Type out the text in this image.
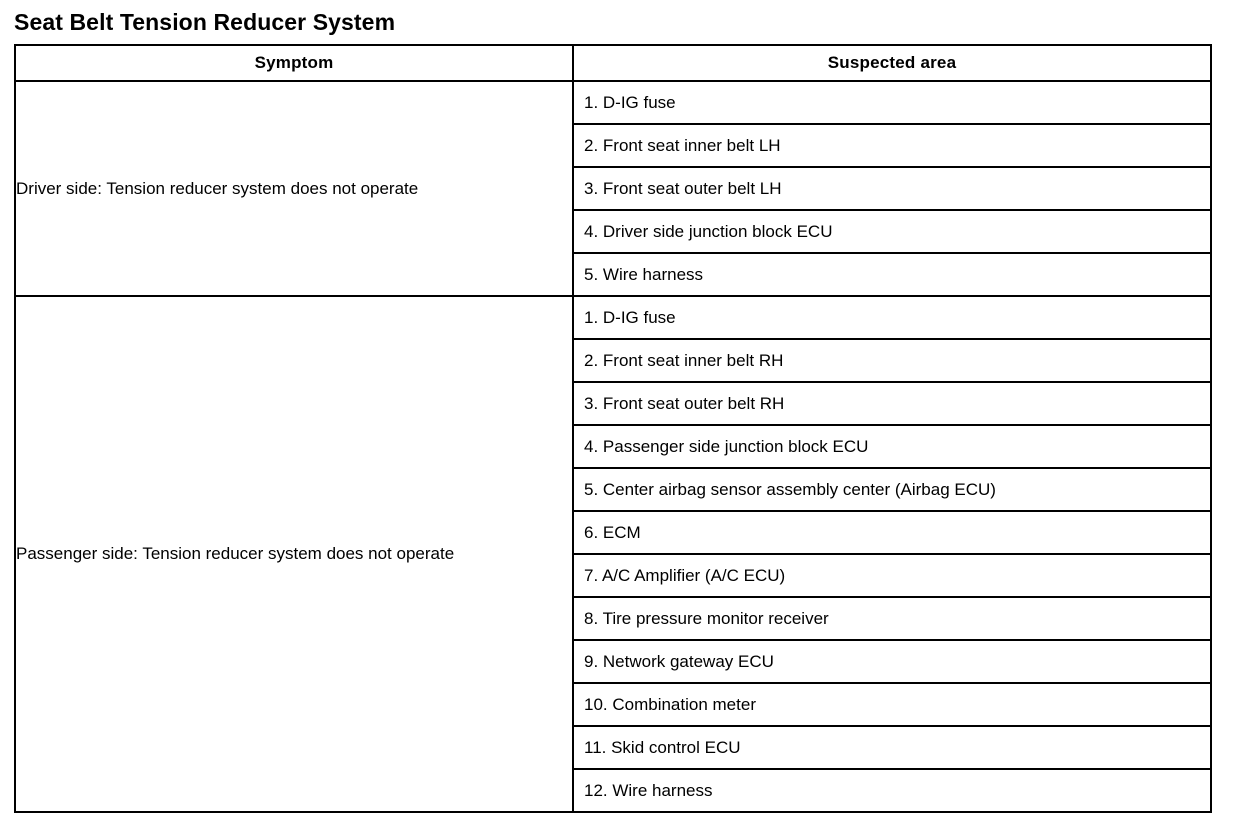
Seat Belt Tension Reducer System
Symptom	Suspected area
Driver side: Tension reducer system does not operate	
1. D-IG fuse
2. Front seat inner belt LH
3. Front seat outer belt LH
4. Driver side junction block ECU
5. Wire harness

Passenger side: Tension reducer system does not operate	
1. D-IG fuse
2. Front seat inner belt RH
3. Front seat outer belt RH
4. Passenger side junction block ECU
5. Center airbag sensor assembly center (Airbag ECU)
6. ECM
7. A/C Amplifier (A/C ECU)
8. Tire pressure monitor receiver
9. Network gateway ECU
10. Combination meter
11. Skid control ECU
12. Wire harness
